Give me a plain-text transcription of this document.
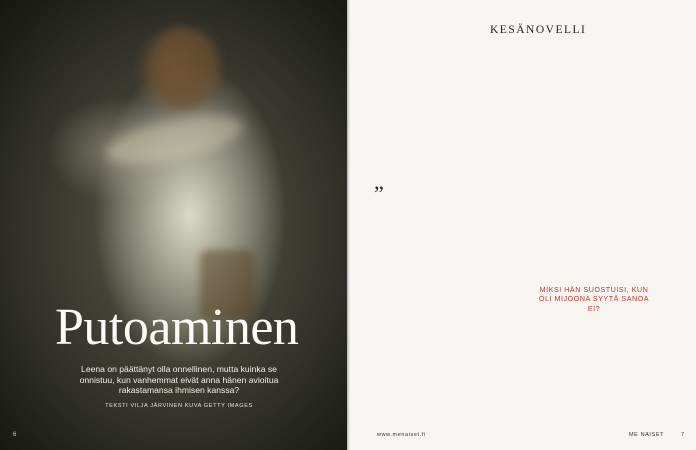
Putoaminen
Leena on päättänyt olla onnellinen, mutta kuinka se onnistuu, kun vanhemmat eivät anna hänen avioitua rakastamansa ihmisen kanssa?
TEKSTI VILJA JÄRVINEN KUVA GETTY IMAGES
6
KESÄNOVELLI
”
MIKSI HÄN SUOSTUISI, KUN OLI MIJOONA SYYTÄ SANOA EI?
www.menaiset.fi	ME NAISET	7
